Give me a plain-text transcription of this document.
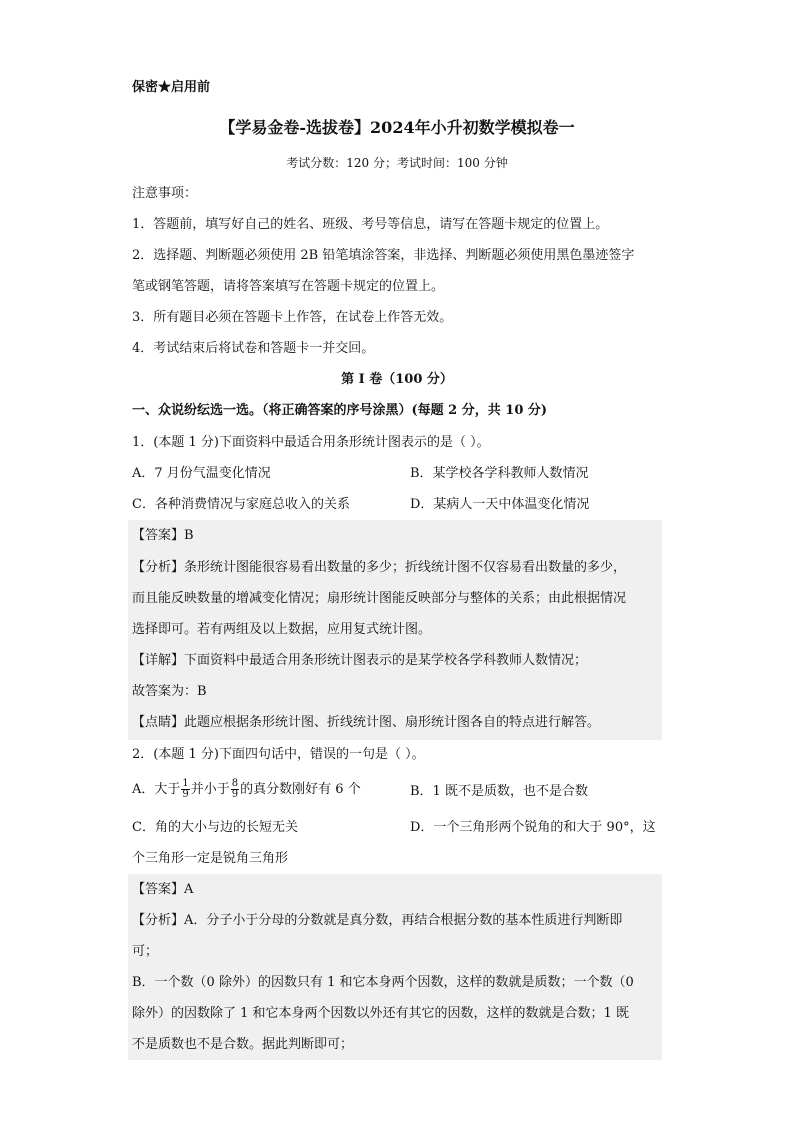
保密★启用前
【学易金卷-选拔卷】2024年小升初数学模拟卷一
考试分数：120 分；考试时间：100 分钟
注意事项：
1．答题前，填写好自己的姓名、班级、考号等信息，请写在答题卡规定的位置上。
2．选择题、判断题必须使用 2B 铅笔填涂答案，非选择、判断题必须使用黑色墨迹签字
笔或钢笔答题，请将答案填写在答题卡规定的位置上。
3．所有题目必须在答题卡上作答，在试卷上作答无效。
4．考试结束后将试卷和答题卡一并交回。
第 I 卷（100 分）
一、众说纷纭选一选。（将正确答案的序号涂黑）(每题 2 分，共 10 分)
1．(本题 1 分)下面资料中最适合用条形统计图表示的是（ ）。
A．7 月份气温变化情况	B．某学校各学科教师人数情况
C．各种消费情况与家庭总收入的关系	D．某病人一天中体温变化情况
【答案】B
【分析】条形统计图能很容易看出数量的多少；折线统计图不仅容易看出数量的多少，
而且能反映数量的增减变化情况；扇形统计图能反映部分与整体的关系；由此根据情况
选择即可。若有两组及以上数据，应用复式统计图。
【详解】下面资料中最适合用条形统计图表示的是某学校各学科教师人数情况；
故答案为：B
【点睛】此题应根据条形统计图、折线统计图、扇形统计图各自的特点进行解答。
2．(本题 1 分)下面四句话中，错误的一句是（ ）。
A．大于 $\frac{1}{9}$ 并小于 $\frac{8}{9}$ 的真分数刚好有 6 个	B．1 既不是质数，也不是合数
C．角的大小与边的长短无关	D．一个三角形两个锐角的和大于 90°，这
个三角形一定是锐角三角形
【答案】A
【分析】A．分子小于分母的分数就是真分数，再结合根据分数的基本性质进行判断即
可；
B．一个数（0 除外）的因数只有 1 和它本身两个因数，这样的数就是质数；一个数（0
除外）的因数除了 1 和它本身两个因数以外还有其它的因数，这样的数就是合数；1 既
不是质数也不是合数。据此判断即可；
